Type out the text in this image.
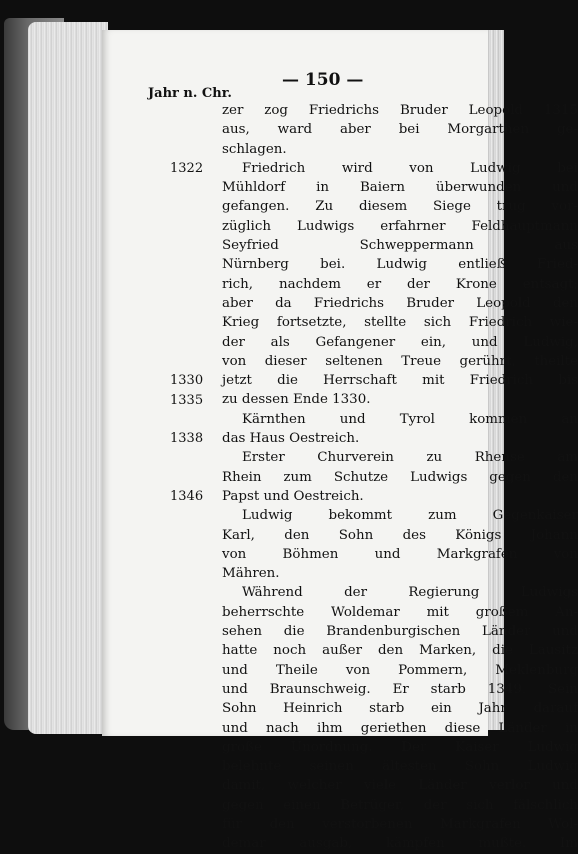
— 150 —
Jahr n. Chr.
1322
1330
1335
1338
1346
zer zog Friedrichs Bruder Leopold 1315
aus, ward aber bei Morgarthen ge-
schlagen.
Friedrich wird von Ludwig bei
Mühldorf in Baiern überwunden und
gefangen. Zu diesem Siege trug vor-
züglich Ludwigs erfahrner Feldhauptmann
Seyfried Schweppermann aus
Nürnberg bei. Ludwig entließ Fried-
rich, nachdem er der Krone entsagt;
aber da Friedrichs Bruder Leopold den
Krieg fortsetzte, stellte sich Friedrich wie-
der als Gefangener ein, und Ludwig,
von dieser seltenen Treue gerührt, theilte
jetzt die Herrschaft mit Friedrich bis
zu dessen Ende 1330.
Kärnthen und Tyrol kommen an
das Haus Oestreich.
Erster Churverein zu Rhense am
Rhein zum Schutze Ludwigs gegen den
Papst und Oestreich.
Ludwig bekommt zum Gegenkaiser
Karl, den Sohn des Königs Johann
von Böhmen und Markgrafen von
Mähren.
Während der Regierung Ludwigs
beherrschte Woldemar mit großem An-
sehen die Brandenburgischen Länder und
hatte noch außer den Marken, die Lausitz
und Theile von Pommern, Meklenburg
und Braunschweig. Er starb 1349. Sein
Sohn Heinrich starb ein Jahr darauf
und nach ihm geriethen diese Länder in
große Unordnung. Der Kaiser Ludwig
belehnte seinen ältesten Sohn Ludwig
damit, welcher viele Länder verlor und
gegen einen Betrüger, der sich fälschlich
für den verstorbenen Markgrafen Wol-
demar ausgab, kämpfen mußte. Im
